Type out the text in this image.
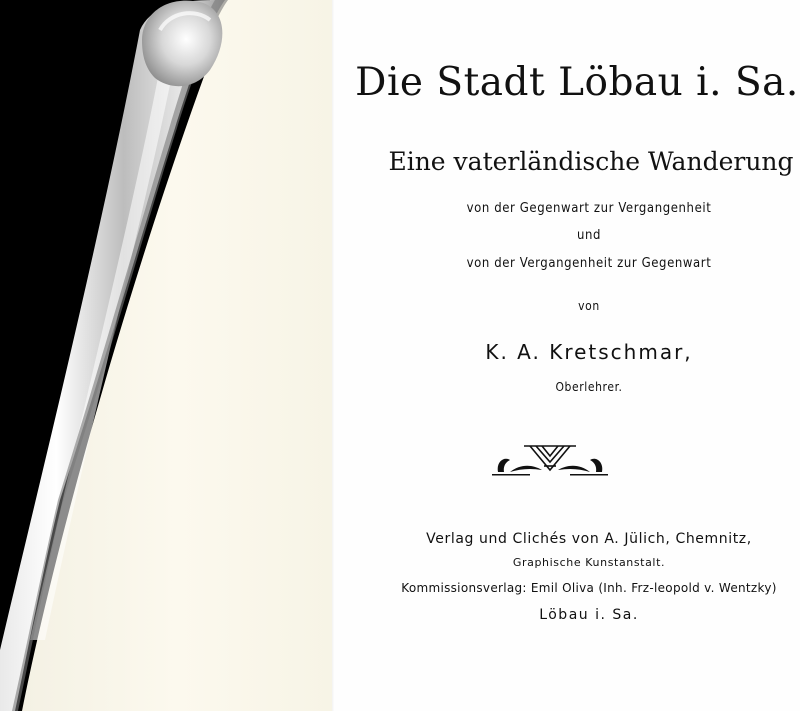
Die Stadt Löbau i. Sa.
Eine vaterländische Wanderung
von der Gegenwart zur Vergangenheit
und
von der Vergangenheit zur Gegenwart
von
K. A. Kretschmar,
Oberlehrer.
Verlag und Clichés von A. Jülich, Chemnitz,
Graphische Kunstanstalt.
Kommissionsverlag: Emil Oliva (Inh. Frz-leopold v. Wentzky)
Löbau i. Sa.
